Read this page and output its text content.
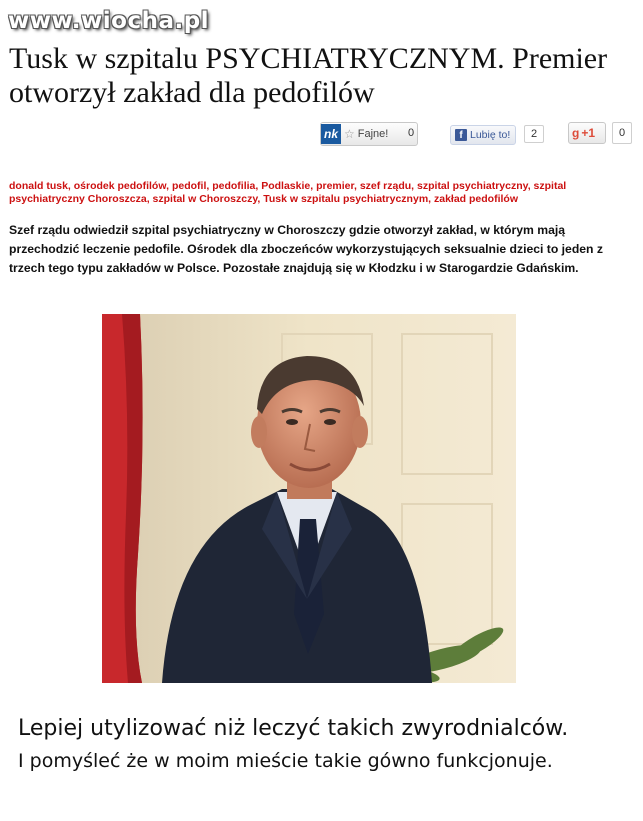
www.wiocha.pl
Tusk w szpitalu PSYCHIATRYCZNYM. Premier otworzył zakład dla pedofilów
nk ☆ Fajne!	0	f Lubię to!	2	g +1	0
donald tusk, ośrodek pedofilów, pedofil, pedofilia, Podlaskie, premier, szef rządu, szpital psychiatryczny, szpital psychiatryczny Choroszcza, szpital w Choroszczy, Tusk w szpitalu psychiatrycznym, zakład pedofilów
Szef rządu odwiedził szpital psychiatryczny w Choroszczy gdzie otworzył zakład, w którym mają przechodzić leczenie pedofile. Ośrodek dla zboczeńców wykorzystujących seksualnie dzieci to jeden z trzech tego typu zakładów w Polsce. Pozostałe znajdują się w Kłodzku i w Starogardzie Gdańskim.
Lepiej utylizować niż leczyć takich zwyrodnialców.
I pomyśleć że w moim mieście takie gówno funkcjonuje.
